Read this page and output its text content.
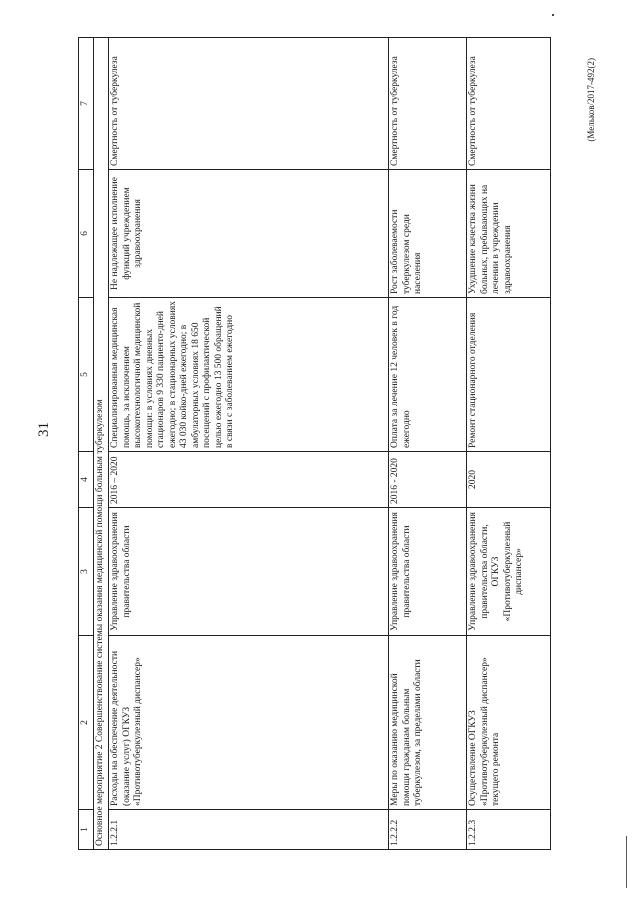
31
(Мельков/2017-492(2)
1	2	3	4	5	6	7
Основное мероприятие 2 Совершенствование системы оказания медицинской помощи больным туберкулезом						
1.2.2.1	Расходы на обеспечение деятельности (оказание услуг) ОГКУЗ «Противотуберкулезный диспансер»	Управление здравоохранения правительства области	2016 – 2020	Специализированная медицинская помощь, за исключением высокотехнологичной медицинской помощи: в условиях дневных стационаров 9 330 пациенто-дней ежегодно; в стационарных условиях 43 030 койко-дней ежегодно; в амбулаторных условиях 18 650 посещений с профилактической целью ежегодно 13 500 обращений в связи с заболеванием ежегодно	Не надлежащее исполнение функций учреждением здравоохранения	Смертность от туберкулеза
1.2.2.2	Меры по оказанию медицинской помощи гражданам больным туберкулезом, за пределами области	Управление здравоохранения правительства области	2016 - 2020	Оплата за лечение 12 человек в год ежегодно	Рост заболеваемости туберкулезом среди населения	Смертность от туберкулеза
1.2.2.3	Осуществление ОГКУЗ «Противотуберкулезный диспансер» текущего ремонта	Управление здравоохранения правительства области, ОГКУЗ «Противотуберкулезный диспансер»	2020	Ремонт стационарного отделения	Ухудшение качества жизни больных, пребывающих на лечении в учреждении здравоохранения	Смертность от туберкулеза
